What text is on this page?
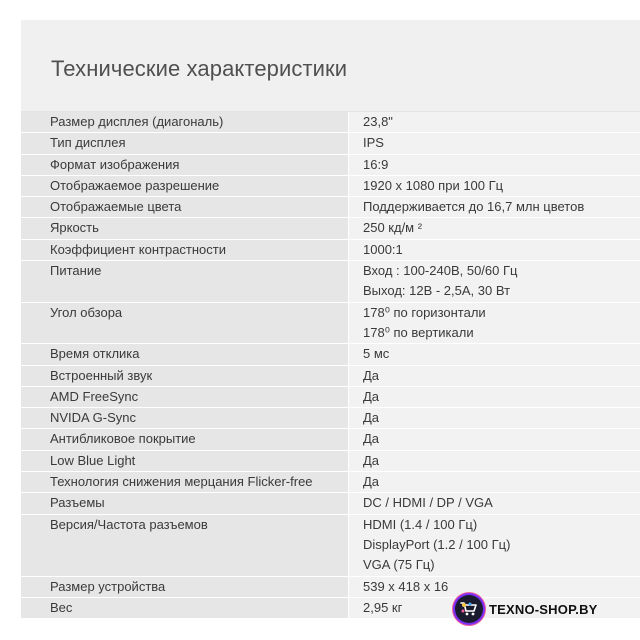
Технические характеристики
Размер дисплея (диагональ)	23,8"
Тип дисплея	IPS
Формат изображения	16:9
Отображаемое разрешение	1920 x 1080 при 100 Гц
Отображаемые цвета	Поддерживается до 16,7 млн цветов
Яркость	250 кд/м ²
Коэффициент контрастности	1000:1
Питание	Вход : 100-240В, 50/60 Гц
Выход: 12В - 2,5А, 30 Вт
Угол обзора	178⁰ по горизонтали
178⁰ по вертикали
Время отклика	5 мс
Встроенный звук	Да
AMD FreeSync	Да
NVIDA G-Sync	Да
Антибликовое покрытие	Да
Low Blue Light	Да
Технология снижения мерцания Flicker-free	Да
Разъемы	DC / HDMI / DP / VGA
Версия/Частота разъемов	HDMI (1.4 / 100 Гц)
DisplayPort (1.2 / 100 Гц)
VGA (75 Гц)
Размер устройства	539 x 418 x 16
Вес	2,95 кг	TEXNO-SHOP.BY
